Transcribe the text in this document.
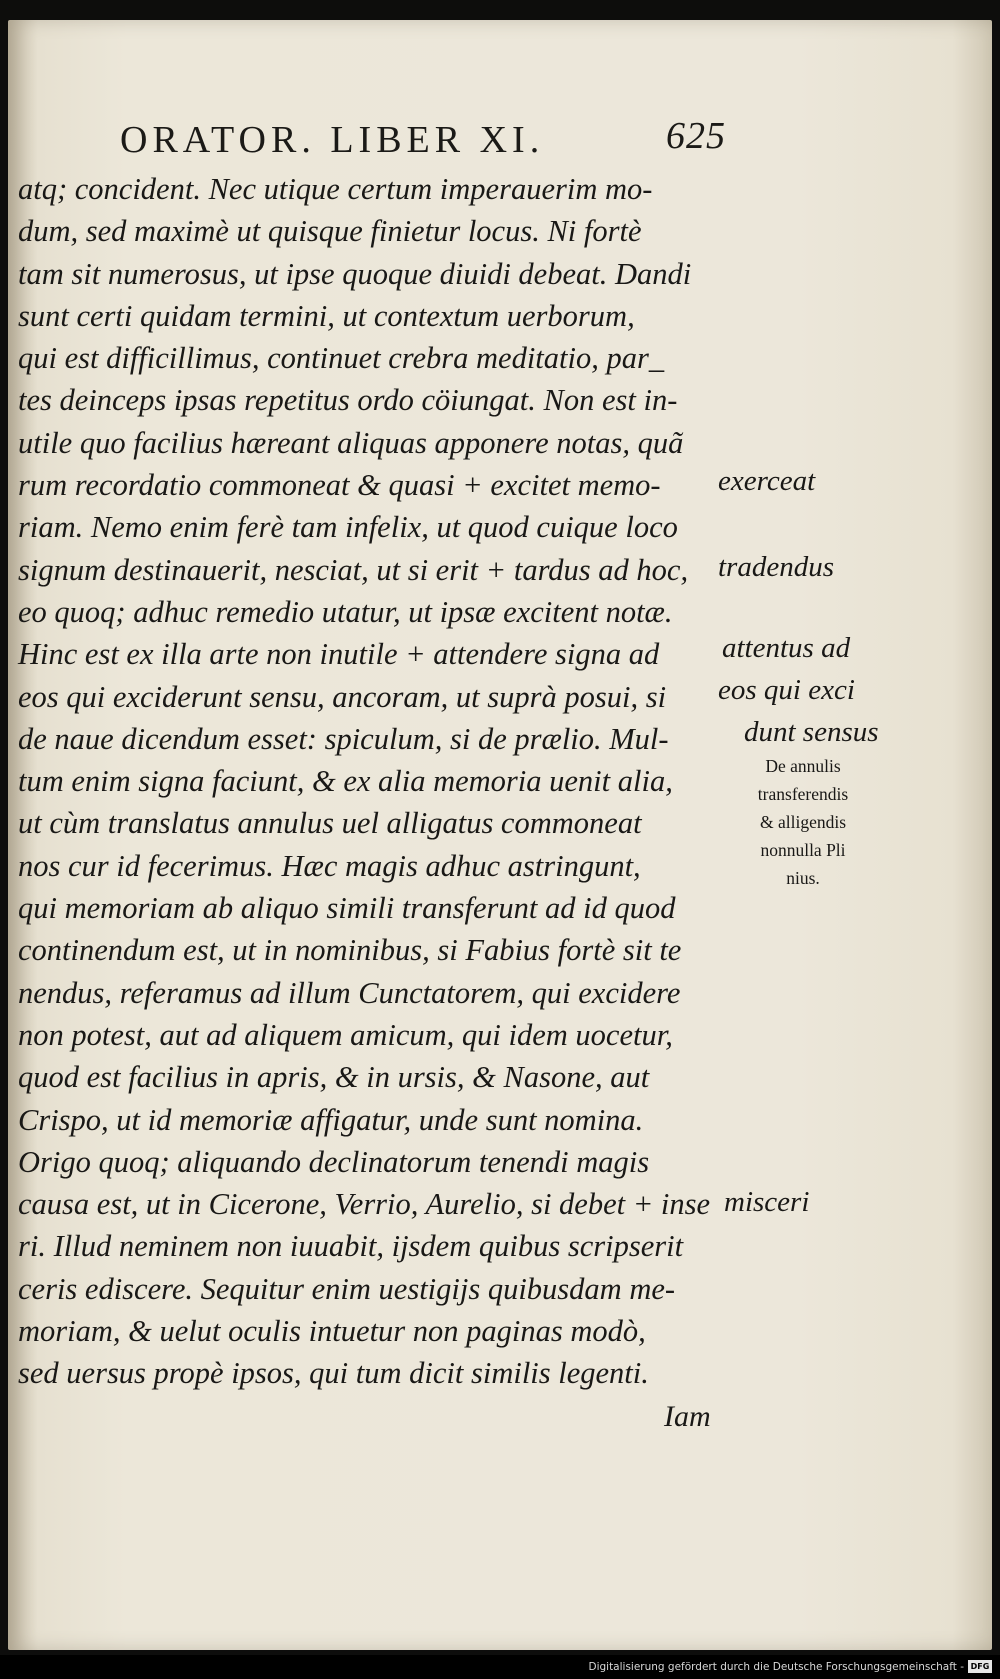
ORATOR. LIBER XI.	625
atq; concident. Nec utique certum imperauerim mo-
dum, sed maximè ut quisque finietur locus. Ni fortè
tam sit numerosus, ut ipse quoque diuidi debeat. Dandi
sunt certi quidam termini, ut contextum uerborum,
qui est difficillimus, continuet crebra meditatio, par_
tes deinceps ipsas repetitus ordo cöiungat. Non est in-
utile quo facilius hæreant aliquas apponere notas, quã
rum recordatio commoneat & quasi + excitet memo-
riam. Nemo enim ferè tam infelix, ut quod cuique loco
signum destinauerit, nesciat, ut si erit + tardus ad hoc,
eo quoq; adhuc remedio utatur, ut ipsæ excitent notæ.
Hinc est ex illa arte non inutile + attendere signa ad
eos qui exciderunt sensu, ancoram, ut suprà posui, si
de naue dicendum esset: spiculum, si de prælio. Mul-
tum enim signa faciunt, & ex alia memoria uenit alia,
ut cùm translatus annulus uel alligatus commoneat
nos cur id fecerimus. Hæc magis adhuc astringunt,
qui memoriam ab aliquo simili transferunt ad id quod
continendum est, ut in nominibus, si Fabius fortè sit te
nendus, referamus ad illum Cunctatorem, qui excidere
non potest, aut ad aliquem amicum, qui idem uocetur,
quod est facilius in apris, & in ursis, & Nasone, aut
Crispo, ut id memoriæ affigatur, unde sunt nomina.
Origo quoq; aliquando declinatorum tenendi magis
causa est, ut in Cicerone, Verrio, Aurelio, si debet + inse
ri. Illud neminem non iuuabit, ijsdem quibus scripserit
ceris ediscere. Sequitur enim uestigijs quibusdam me-
moriam, & uelut oculis intuetur non paginas modò,
sed uersus propè ipsos, qui tum dicit similis legenti.
Iam
exerceat
tradendus
attentus ad
eos qui exci
dunt sensus
De annulis
transferendis
& alligendis
nonnulla Pli
nius.
misceri
Digitalisierung gefördert durch die Deutsche Forschungsgemeinschaft - DFG
